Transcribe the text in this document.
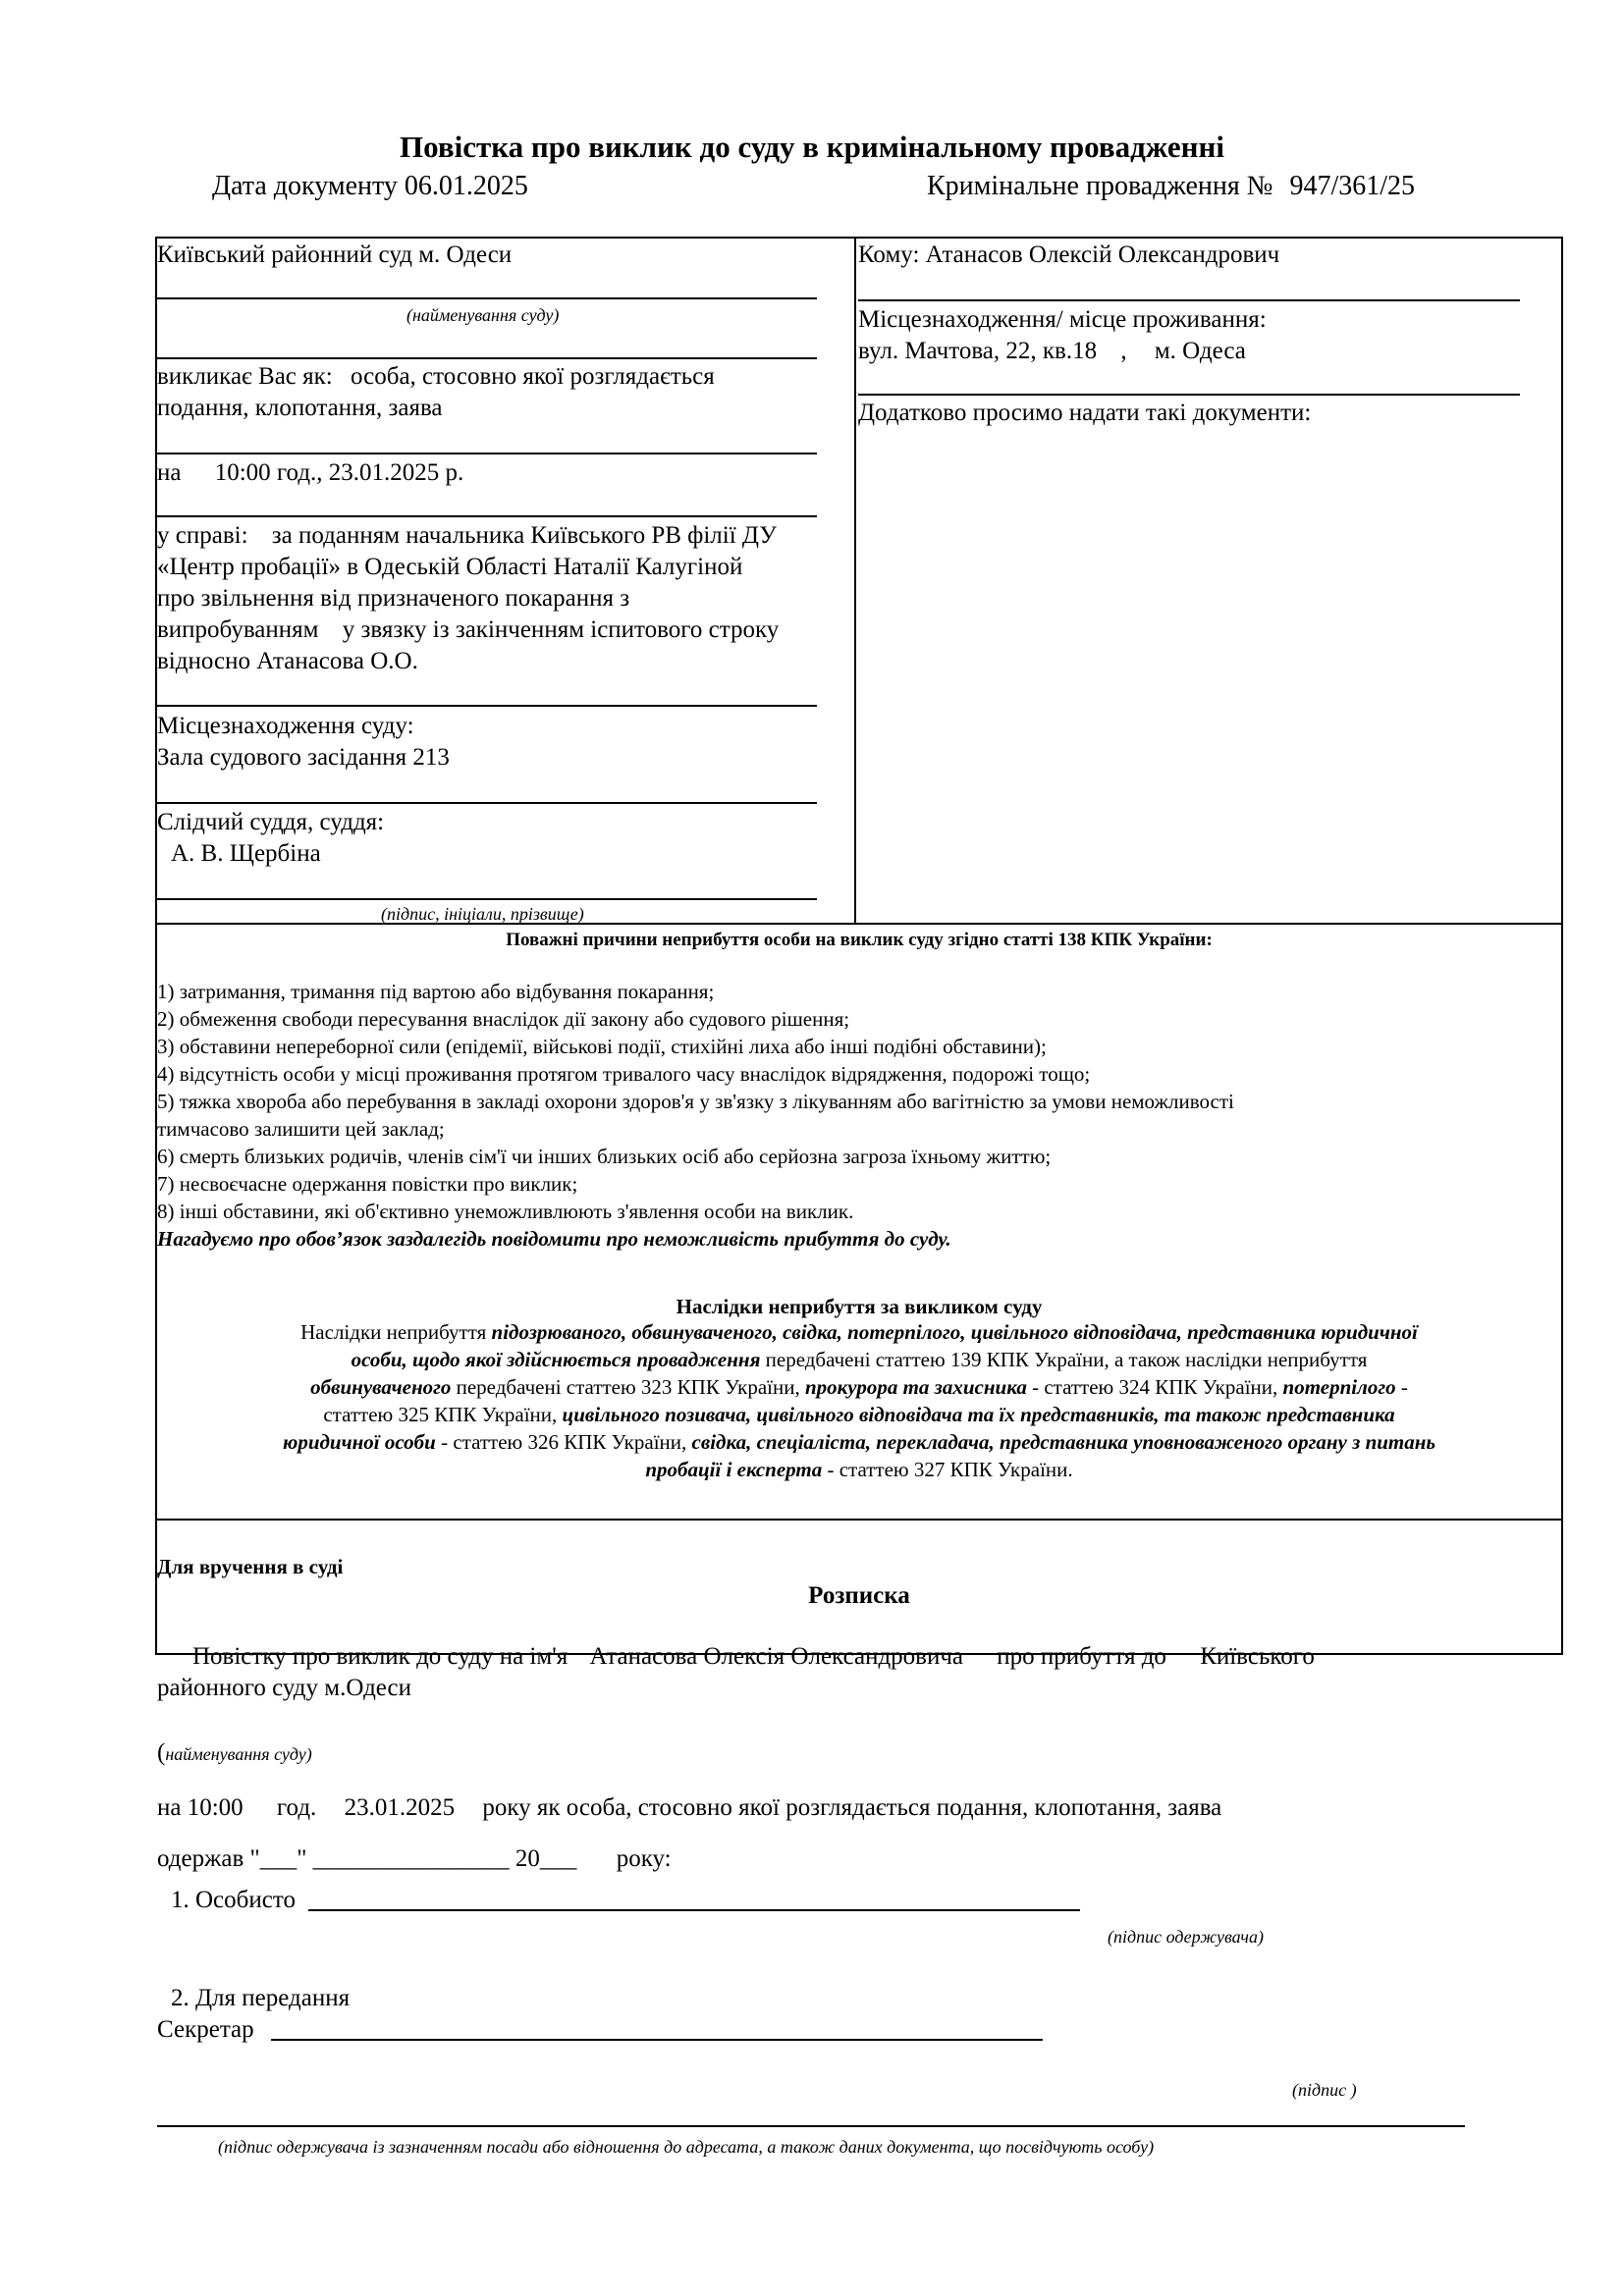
Повістка про виклик до суду в кримінальному провадженні
Дата документу 06.01.2025	Кримінальне провадження № 947/361/25
Київський районний суд м. Одеси
(найменування суду)
викликає Вас як: особа, стосовно якої розглядається
подання, клопотання, заява
на 10:00 год., 23.01.2025 р.
у справі: за поданням начальника Київського РВ філії ДУ
«Центр пробації» в Одеській Області Наталії Калугіной
про звільнення від призначеного покарання з
випробуванням у звязку із закінченням іспитового строку
відносно Атанасова О.О.
Місцезнаходження суду:
Зала судового засідання 213
Слідчий суддя, суддя:
А. В. Щербіна
(підпис, ініціали, прізвище)
Кому: Атанасов Олексій Олександрович
Місцезнаходження/ місце проживання:
вул. Мачтова, 22, кв.18 , м. Одеса
Додатково просимо надати такі документи:
Поважні причини неприбуття особи на виклик суду згідно статті 138 КПК України:
1) затримання, тримання під вартою або відбування покарання;
2) обмеження свободи пересування внаслідок дії закону або судового рішення;
3) обставини непереборної сили (епідемії, військові події, стихійні лиха або інші подібні обставини);
4) відсутність особи у місці проживання протягом тривалого часу внаслідок відрядження, подорожі тощо;
5) тяжка хвороба або перебування в закладі охорони здоров'я у зв'язку з лікуванням або вагітністю за умови неможливості
тимчасово залишити цей заклад;
6) смерть близьких родичів, членів сім'ї чи інших близьких осіб або серйозна загроза їхньому життю;
7) несвоєчасне одержання повістки про виклик;
8) інші обставини, які об'єктивно унеможливлюють з'явлення особи на виклик.
Нагадуємо про обов’язок заздалегідь повідомити про неможливість прибуття до суду.
Наслідки неприбуття за викликом суду
Наслідки неприбуття підозрюваного, обвинуваченого, свідка, потерпілого, цивільного відповідача, представника юридичної
особи, щодо якої здійснюється провадження передбачені статтею 139 КПК України, а також наслідки неприбуття
обвинуваченого передбачені статтею 323 КПК України, прокурора та захисника - статтею 324 КПК України, потерпілого -
статтею 325 КПК України, цивільного позивача, цивільного відповідача та їх представників, та також представника
юридичної особи - статтею 326 КПК України, свідка, спеціаліста, перекладача, представника уповноваженого органу з питань
пробації і експерта - статтею 327 КПК України.
Для вручення в суді
Розписка
Повістку про виклик до суду на ім'я Атанасова Олексія Олександровича про прибуття до Київського
районного суду м.Одеси
(найменування суду)
на 10:00 год. 23.01.2025 року як особа, стосовно якої розглядається подання, клопотання, заява
одержав "___" ________________ 20___ року:
1. Особисто
(підпис одержувача)
2. Для передання
Секретар
(підпис )
(підпис одержувача із зазначенням посади або відношення до адресата, а також даних документа, що посвідчують особу)
